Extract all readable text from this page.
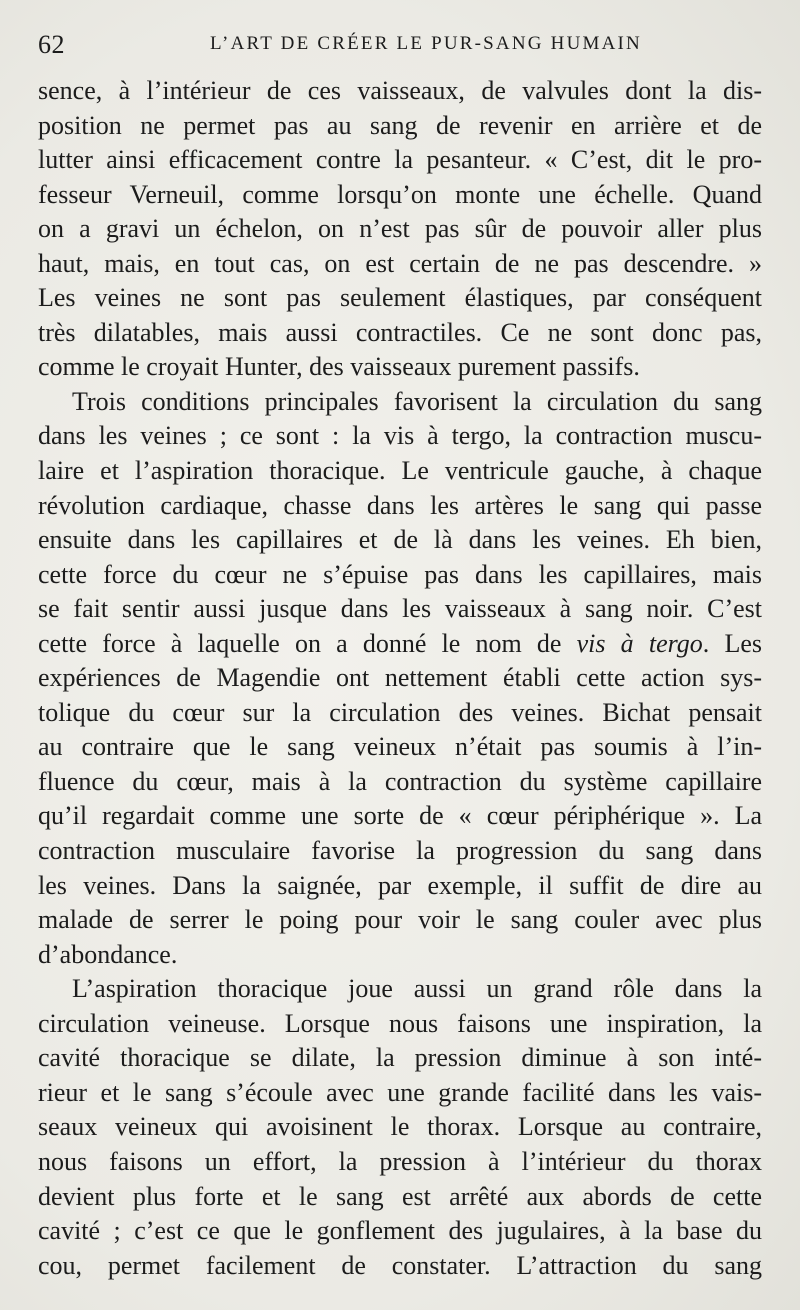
62	L’ART DE CRÉER LE PUR-SANG HUMAIN
sence, à l’intérieur de ces vaisseaux, de valvules dont la dis-
position ne permet pas au sang de revenir en arrière et de
lutter ainsi efficacement contre la pesanteur. « C’est, dit le pro-
fesseur Verneuil, comme lorsqu’on monte une échelle. Quand
on a gravi un échelon, on n’est pas sûr de pouvoir aller plus
haut, mais, en tout cas, on est certain de ne pas descendre. »
Les veines ne sont pas seulement élastiques, par conséquent
très dilatables, mais aussi contractiles. Ce ne sont donc pas,
comme le croyait Hunter, des vaisseaux purement passifs.
Trois conditions principales favorisent la circulation du sang
dans les veines ; ce sont : la vis à tergo, la contraction muscu-
laire et l’aspiration thoracique. Le ventricule gauche, à chaque
révolution cardiaque, chasse dans les artères le sang qui passe
ensuite dans les capillaires et de là dans les veines. Eh bien,
cette force du cœur ne s’épuise pas dans les capillaires, mais
se fait sentir aussi jusque dans les vaisseaux à sang noir. C’est
cette force à laquelle on a donné le nom de vis à tergo. Les
expériences de Magendie ont nettement établi cette action sys-
tolique du cœur sur la circulation des veines. Bichat pensait
au contraire que le sang veineux n’était pas soumis à l’in-
fluence du cœur, mais à la contraction du système capillaire
qu’il regardait comme une sorte de « cœur périphérique ». La
contraction musculaire favorise la progression du sang dans
les veines. Dans la saignée, par exemple, il suffit de dire au
malade de serrer le poing pour voir le sang couler avec plus
d’abondance.
L’aspiration thoracique joue aussi un grand rôle dans la
circulation veineuse. Lorsque nous faisons une inspiration, la
cavité thoracique se dilate, la pression diminue à son inté-
rieur et le sang s’écoule avec une grande facilité dans les vais-
seaux veineux qui avoisinent le thorax. Lorsque au contraire,
nous faisons un effort, la pression à l’intérieur du thorax
devient plus forte et le sang est arrêté aux abords de cette
cavité ; c’est ce que le gonflement des jugulaires, à la base du
cou, permet facilement de constater. L’attraction du sang
